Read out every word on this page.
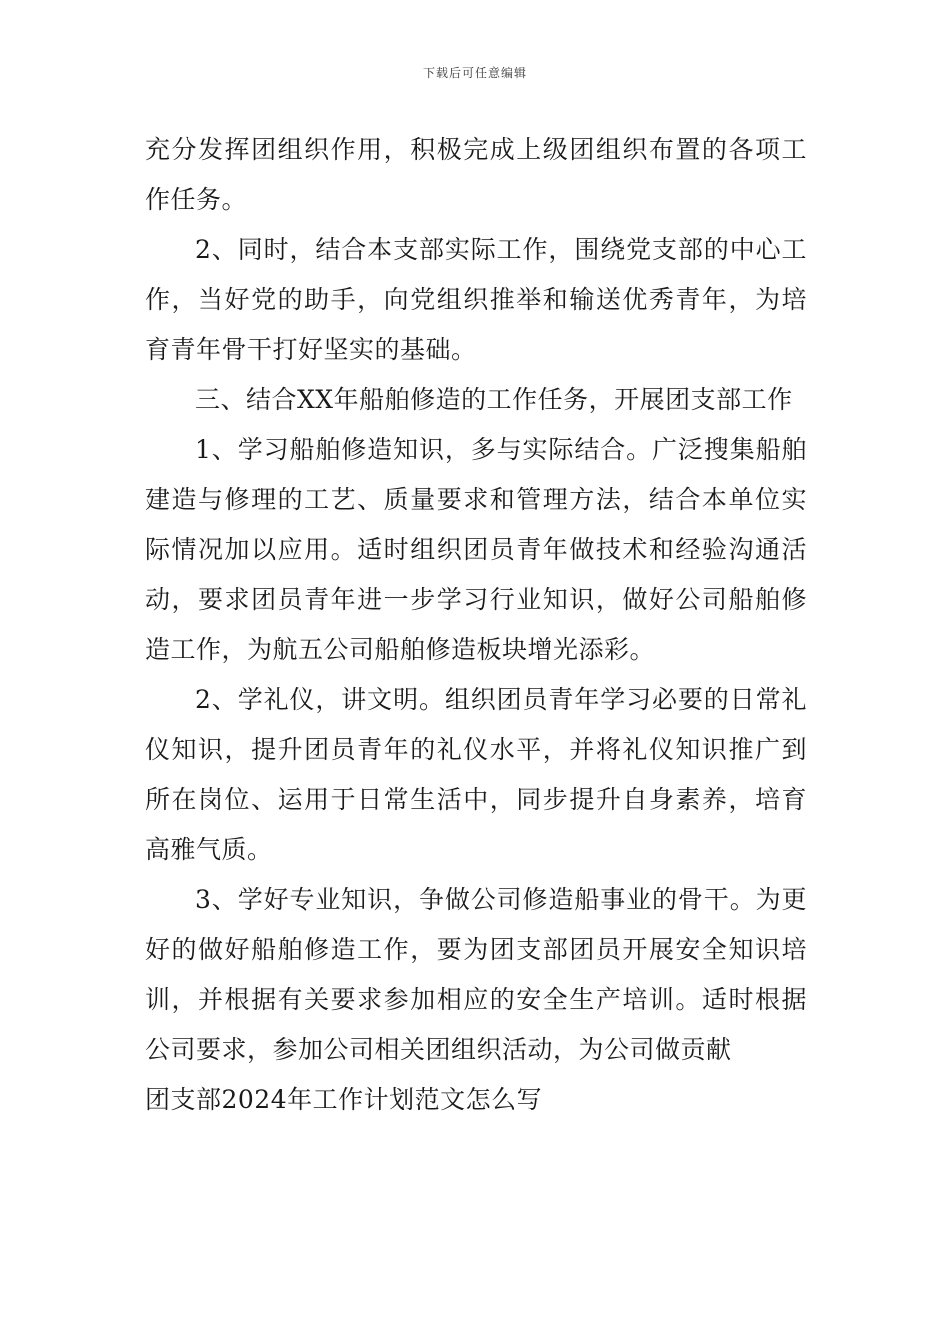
下载后可任意编辑

充分发挥团组织作用，积极完成上级团组织布置的各项工作任务。

2、同时，结合本支部实际工作，围绕党支部的中心工作，当好党的助手，向党组织推举和输送优秀青年，为培育青年骨干打好坚实的基础。

三、结合XX年船舶修造的工作任务，开展团支部工作

1、学习船舶修造知识，多与实际结合。广泛搜集船舶建造与修理的工艺、质量要求和管理方法，结合本单位实际情况加以应用。适时组织团员青年做技术和经验沟通活动，要求团员青年进一步学习行业知识，做好公司船舶修造工作，为航五公司船舶修造板块增光添彩。

2、学礼仪，讲文明。组织团员青年学习必要的日常礼仪知识，提升团员青年的礼仪水平，并将礼仪知识推广到所在岗位、运用于日常生活中，同步提升自身素养，培育高雅气质。

3、学好专业知识，争做公司修造船事业的骨干。为更好的做好船舶修造工作，要为团支部团员开展安全知识培训，并根据有关要求参加相应的安全生产培训。适时根据公司要求，参加公司相关团组织活动，为公司做贡献

团支部2024年工作计划范文怎么写
